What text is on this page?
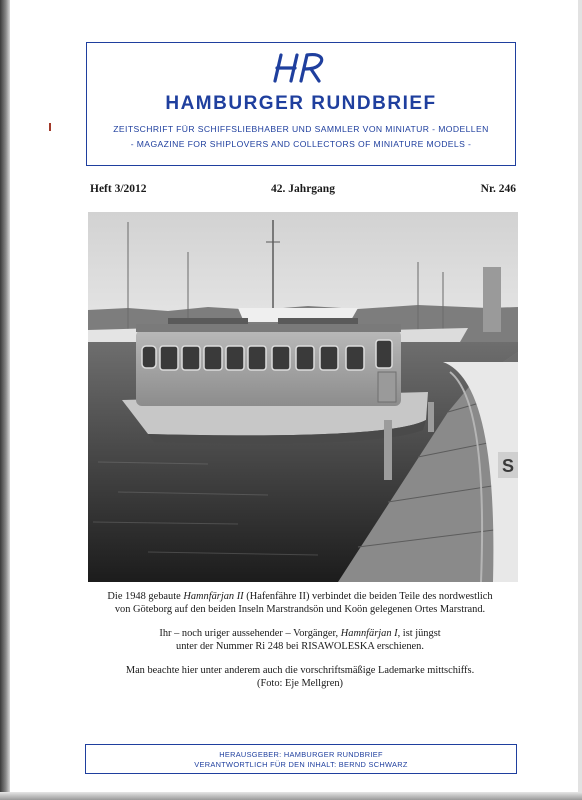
HAMBURGER RUNDBRIEF
ZEITSCHRIFT FÜR SCHIFFSLIEBHABER UND SAMMLER VON MINIATUR - MODELLEN
- MAGAZINE FOR SHIPLOVERS AND COLLECTORS OF MINIATURE MODELS -
Heft 3/2012	42. Jahrgang	Nr. 246
S
Die 1948 gebaute Hamnfärjan II (Hafenfähre II) verbindet die beiden Teile des nordwestlich
von Göteborg auf den beiden Inseln Marstrandsön und Koön gelegenen Ortes Marstrand.
Ihr – noch uriger aussehender – Vorgänger, Hamnfärjan I, ist jüngst
unter der Nummer Ri 248 bei RISAWOLESKA erschienen.
Man beachte hier unter anderem auch die vorschriftsmäßige Lademarke mittschiffs.
(Foto: Eje Mellgren)
HERAUSGEBER: HAMBURGER RUNDBRIEF
VERANTWORTLICH FÜR DEN INHALT: BERND SCHWARZ
